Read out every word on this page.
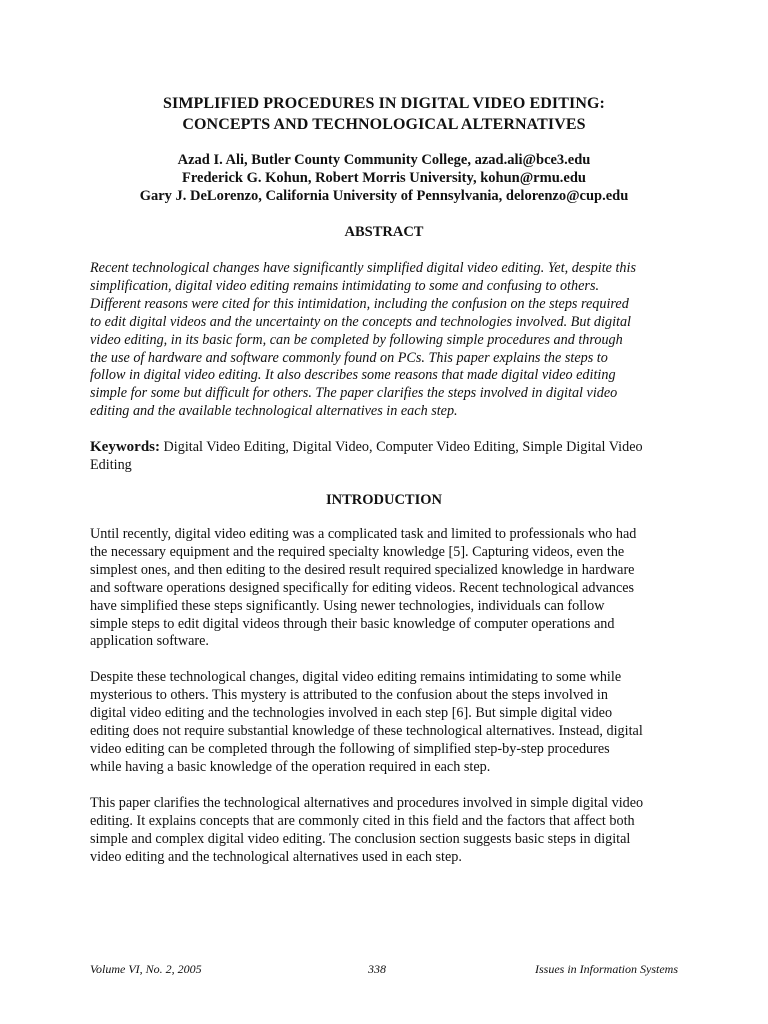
SIMPLIFIED PROCEDURES IN DIGITAL VIDEO EDITING:
CONCEPTS AND TECHNOLOGICAL ALTERNATIVES
Azad I. Ali, Butler County Community College, azad.ali@bce3.edu
Frederick G. Kohun, Robert Morris University, kohun@rmu.edu
Gary J. DeLorenzo, California University of Pennsylvania, delorenzo@cup.edu
ABSTRACT
Recent technological changes have significantly simplified digital video editing. Yet, despite this
simplification, digital video editing remains intimidating to some and confusing to others.
Different reasons were cited for this intimidation, including the confusion on the steps required
to edit digital videos and the uncertainty on the concepts and technologies involved. But digital
video editing, in its basic form, can be completed by following simple procedures and through
the use of hardware and software commonly found on PCs. This paper explains the steps to
follow in digital video editing. It also describes some reasons that made digital video editing
simple for some but difficult for others. The paper clarifies the steps involved in digital video
editing and the available technological alternatives in each step.
Keywords: Digital Video Editing, Digital Video, Computer Video Editing, Simple Digital Video
Editing
INTRODUCTION
Until recently, digital video editing was a complicated task and limited to professionals who had
the necessary equipment and the required specialty knowledge [5]. Capturing videos, even the
simplest ones, and then editing to the desired result required specialized knowledge in hardware
and software operations designed specifically for editing videos. Recent technological advances
have simplified these steps significantly. Using newer technologies, individuals can follow
simple steps to edit digital videos through their basic knowledge of computer operations and
application software.
Despite these technological changes, digital video editing remains intimidating to some while
mysterious to others. This mystery is attributed to the confusion about the steps involved in
digital video editing and the technologies involved in each step [6]. But simple digital video
editing does not require substantial knowledge of these technological alternatives. Instead, digital
video editing can be completed through the following of simplified step-by-step procedures
while having a basic knowledge of the operation required in each step.
This paper clarifies the technological alternatives and procedures involved in simple digital video
editing. It explains concepts that are commonly cited in this field and the factors that affect both
simple and complex digital video editing. The conclusion section suggests basic steps in digital
video editing and the technological alternatives used in each step.
Volume VI, No. 2, 2005	338	Issues in Information Systems
